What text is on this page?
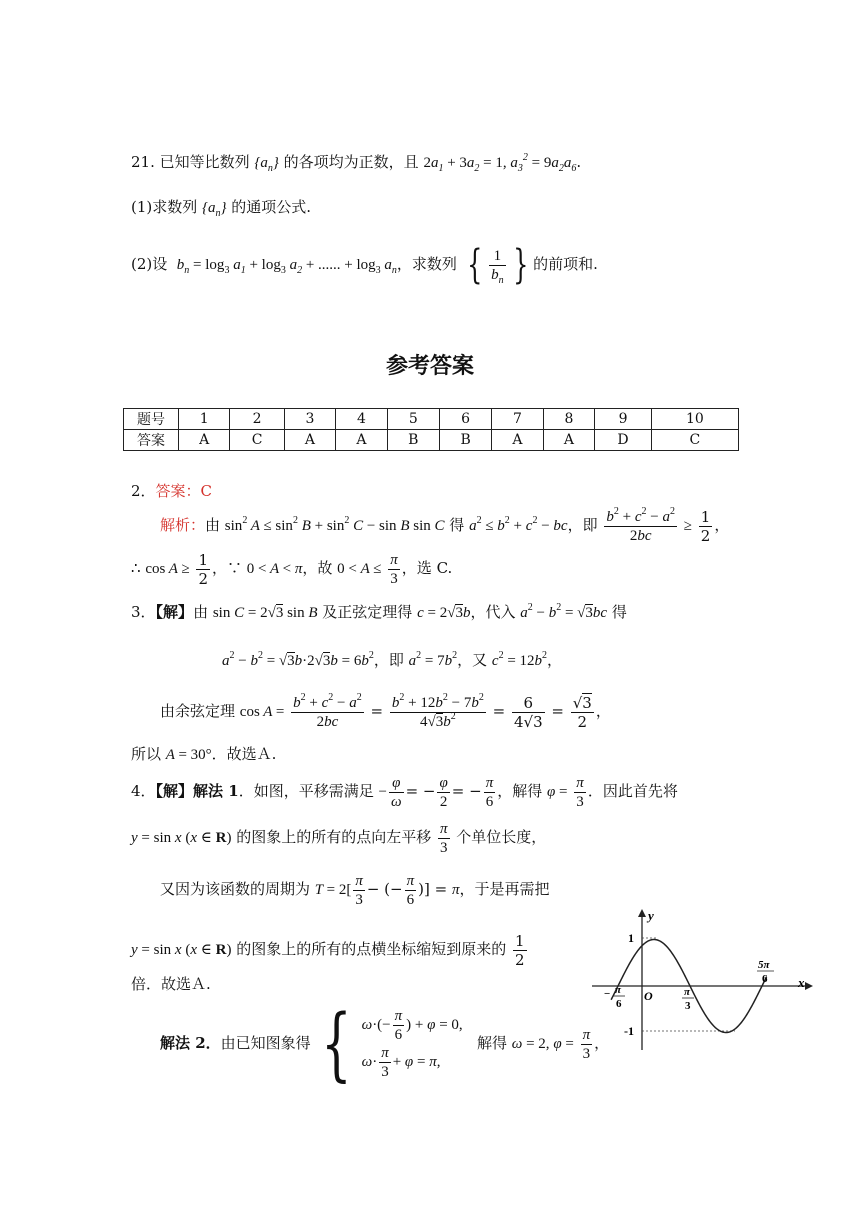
21. 已知等比数列 $\{a_n\}$ 的各项均为正数，且 $2a_1 + 3a_2 = 1$, $a_3^2 = 9a_2a_6$.
(1)求数列 $\{a_n\}$ 的通项公式.
(2)设  $b_n = \log_3 a_1 + \log_3 a_2$ + ...... + $\log_3 a_n$，求数列 { $\frac{1}{b_n}$ } 的前项和.
参考答案
题号	1	2	3	4	5	6	7	8	9	10
答案	A	C	A	A	B	B	A	A	D	C
2．答案：C
解析：由 $\sin^2 A \le \sin^2 B + \sin^2 C - \sin B$ sin C 得 $a^2 \le b^2 + c^2$ − bc，即 $\frac{b^2 + c^2 - a^2}{2bc} \ge \frac{1}{2}$ ，
∴ $\cos A \ge \frac{1}{2}$ ，∵ 0 < A < π，故 $0 < A \le \frac{\pi}{3}$ ，选 C.
3．【解】由 sin C = 2√3 sin B 及正弦定理得 c = 2√3b，代入 $a^2 - b^2 = √3bc$ 得
$a^2 - b^2 = √3b\cdot 2√3b = 6b^2$，即 $a^2 = 7b^2$，又 $c^2 = 12b^2$，
由余弦定理 $\cos A = \frac{b^2 + c^2 - a^2}{2bc} = \frac{b^2 + 12b^2 - 7b^2}{4√3b^2} = \frac{6}{4√3} = \frac{√3}{2}$ ，
所以 A = 30°．故选Ａ.
4．【解】解法 1．如图，平移需满足 − $\frac{\varphi}{\omega}$ = − $\frac{\varphi}{2}$ = − $\frac{\pi}{6}$ ，解得 $\varphi = \frac{\pi}{3}$ ．因此首先将
y = sin x (x ∈ R) 的图象上的所有的点向左平移 $\frac{\pi}{3}$ 个单位长度，
又因为该函数的周期为 $T = 2[ \frac{\pi}{3}$ − (− $\frac{\pi}{6}$ )] = π，于是再需把
y = sin x (x ∈ R) 的图象上的所有的点横坐标缩短到原来的 $\frac{1}{2}$
倍．故选Ａ.
解法 2．由已知图象得 { $\omega\cdot(- \frac{\pi}{6}$ ) + φ = 0,
$\omega\cdot \frac{\pi}{3} + \varphi = \pi$,
解得 ω = 2, $\varphi = \frac{\pi}{3}$ ，
y
x
O
1
-1
− π
6
π
3
5π
6
